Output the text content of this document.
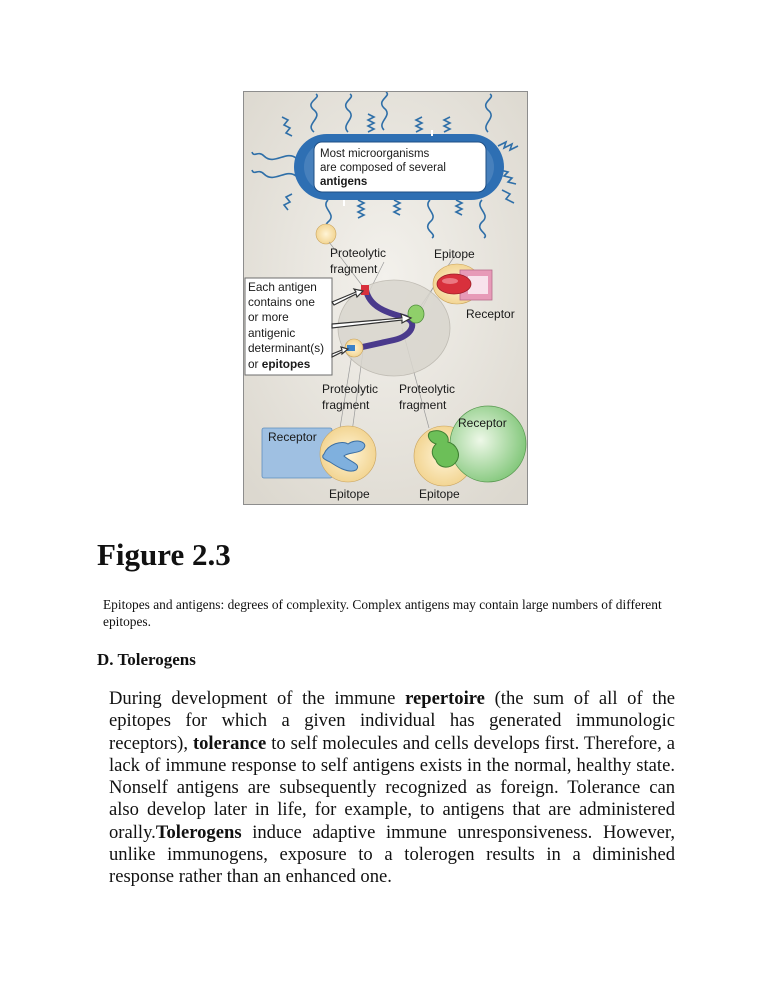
Most microorganisms
are composed of several
antigens
Each antigen
contains one
or more
antigenic
determinant(s)
or epitopes
Proteolytic
fragment
Epitope
Receptor
Proteolytic
fragment
Proteolytic
fragment
Receptor
Receptor
Epitope	Epitope
Figure 2.3

Epitopes and antigens: degrees of complexity. Complex antigens may contain large numbers of different epitopes.

D. Tolerogens

During development of the immune repertoire (the sum of all of the epitopes for which a given individual has generated immunologic receptors), tolerance to self molecules and cells develops first. Therefore, a lack of immune response to self antigens exists in the normal, healthy state. Nonself antigens are subsequently recognized as foreign. Tolerance can also develop later in life, for example, to antigens that are administered orally.Tolerogens induce adaptive immune unresponsiveness. However, unlike immunogens, exposure to a tolerogen results in a diminished response rather than an enhanced one.
